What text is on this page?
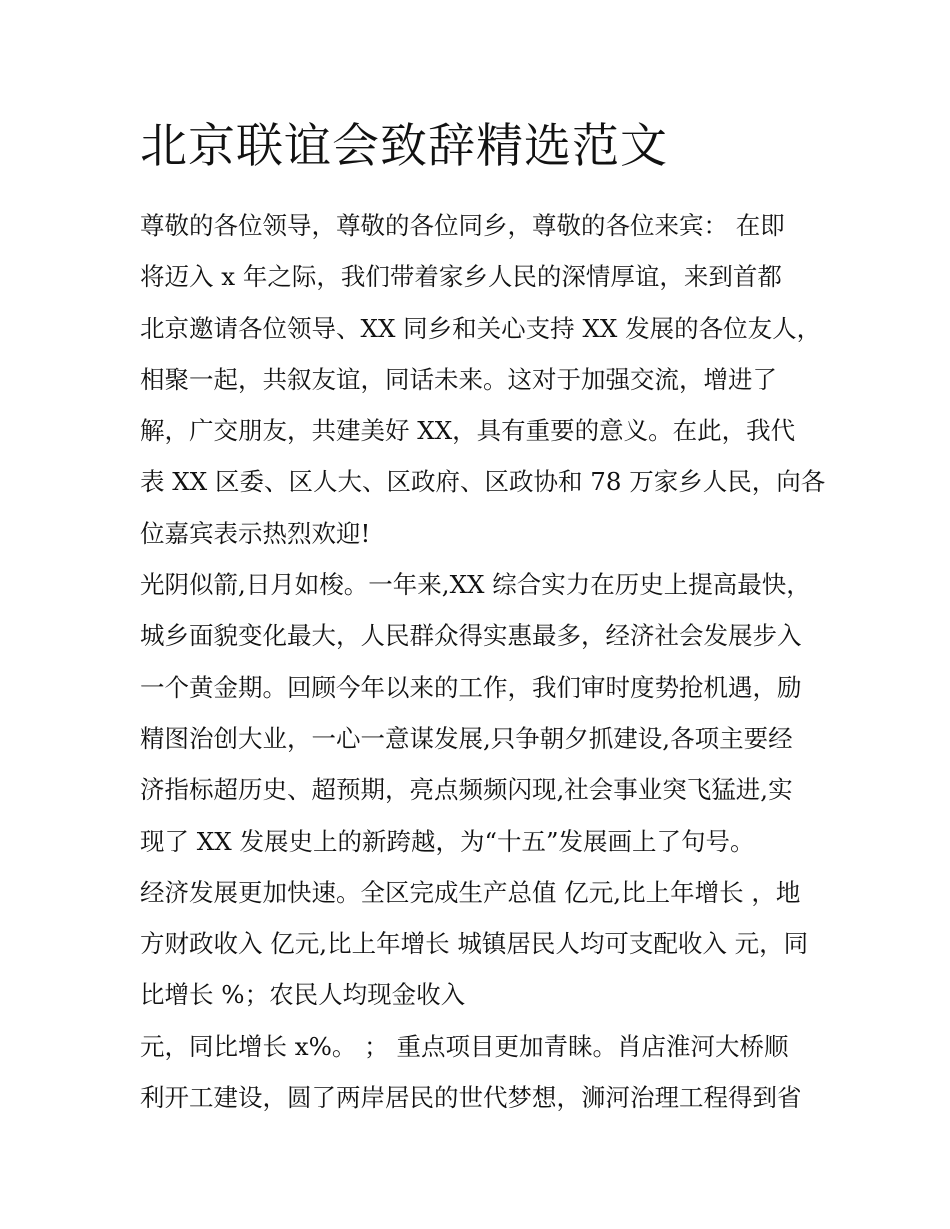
北京联谊会致辞精选范文
尊敬的各位领导，尊敬的各位同乡，尊敬的各位来宾： 在即
将迈入 x 年之际，我们带着家乡人民的深情厚谊，来到首都
北京邀请各位领导、XX 同乡和关心支持 XX 发展的各位友人，
相聚一起，共叙友谊，同话未来。这对于加强交流，增进了
解，广交朋友，共建美好 XX，具有重要的意义。在此，我代
表 XX 区委、区人大、区政府、区政协和 78 万家乡人民，向各
位嘉宾表示热烈欢迎!
光阴似箭,日月如梭。一年来,XX 综合实力在历史上提高最快，
城乡面貌变化最大，人民群众得实惠最多，经济社会发展步入
一个黄金期。回顾今年以来的工作，我们审时度势抢机遇，励
精图治创大业，一心一意谋发展,只争朝夕抓建设,各项主要经
济指标超历史、超预期，亮点频频闪现,社会事业突飞猛进,实
现了 XX 发展史上的新跨越，为“十五”发展画上了句号。
经济发展更加快速。全区完成生产总值 亿元,比上年增长 ，地
方财政收入 亿元,比上年增长 城镇居民人均可支配收入 元，同
比增长 %；农民人均现金收入
元，同比增长 x%。 ； 重点项目更加青睐。肖店淮河大桥顺
利开工建设，圆了两岸居民的世代梦想，浉河治理工程得到省
